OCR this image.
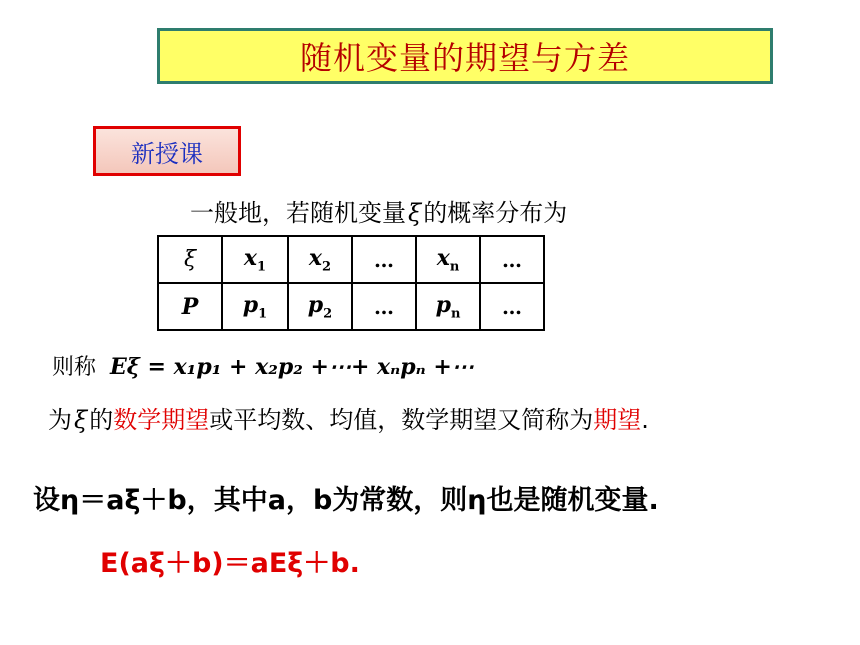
随机变量的期望与方差
新授课
一般地，若随机变量ξ的概率分布为
ξ	$x_1$	$x_2$	…	$x_n$	…
P	$p_1$	$p_2$	…	$p_n$	…
则称 Eξ = x₁p₁ + x₂p₂ +⋯+ xₙpₙ +⋯
为ξ的数学期望或平均数、均值，数学期望又简称为期望.
设η＝aξ＋b，其中a，b为常数，则η也是随机变量.
E(aξ＋b)＝aEξ＋b.
